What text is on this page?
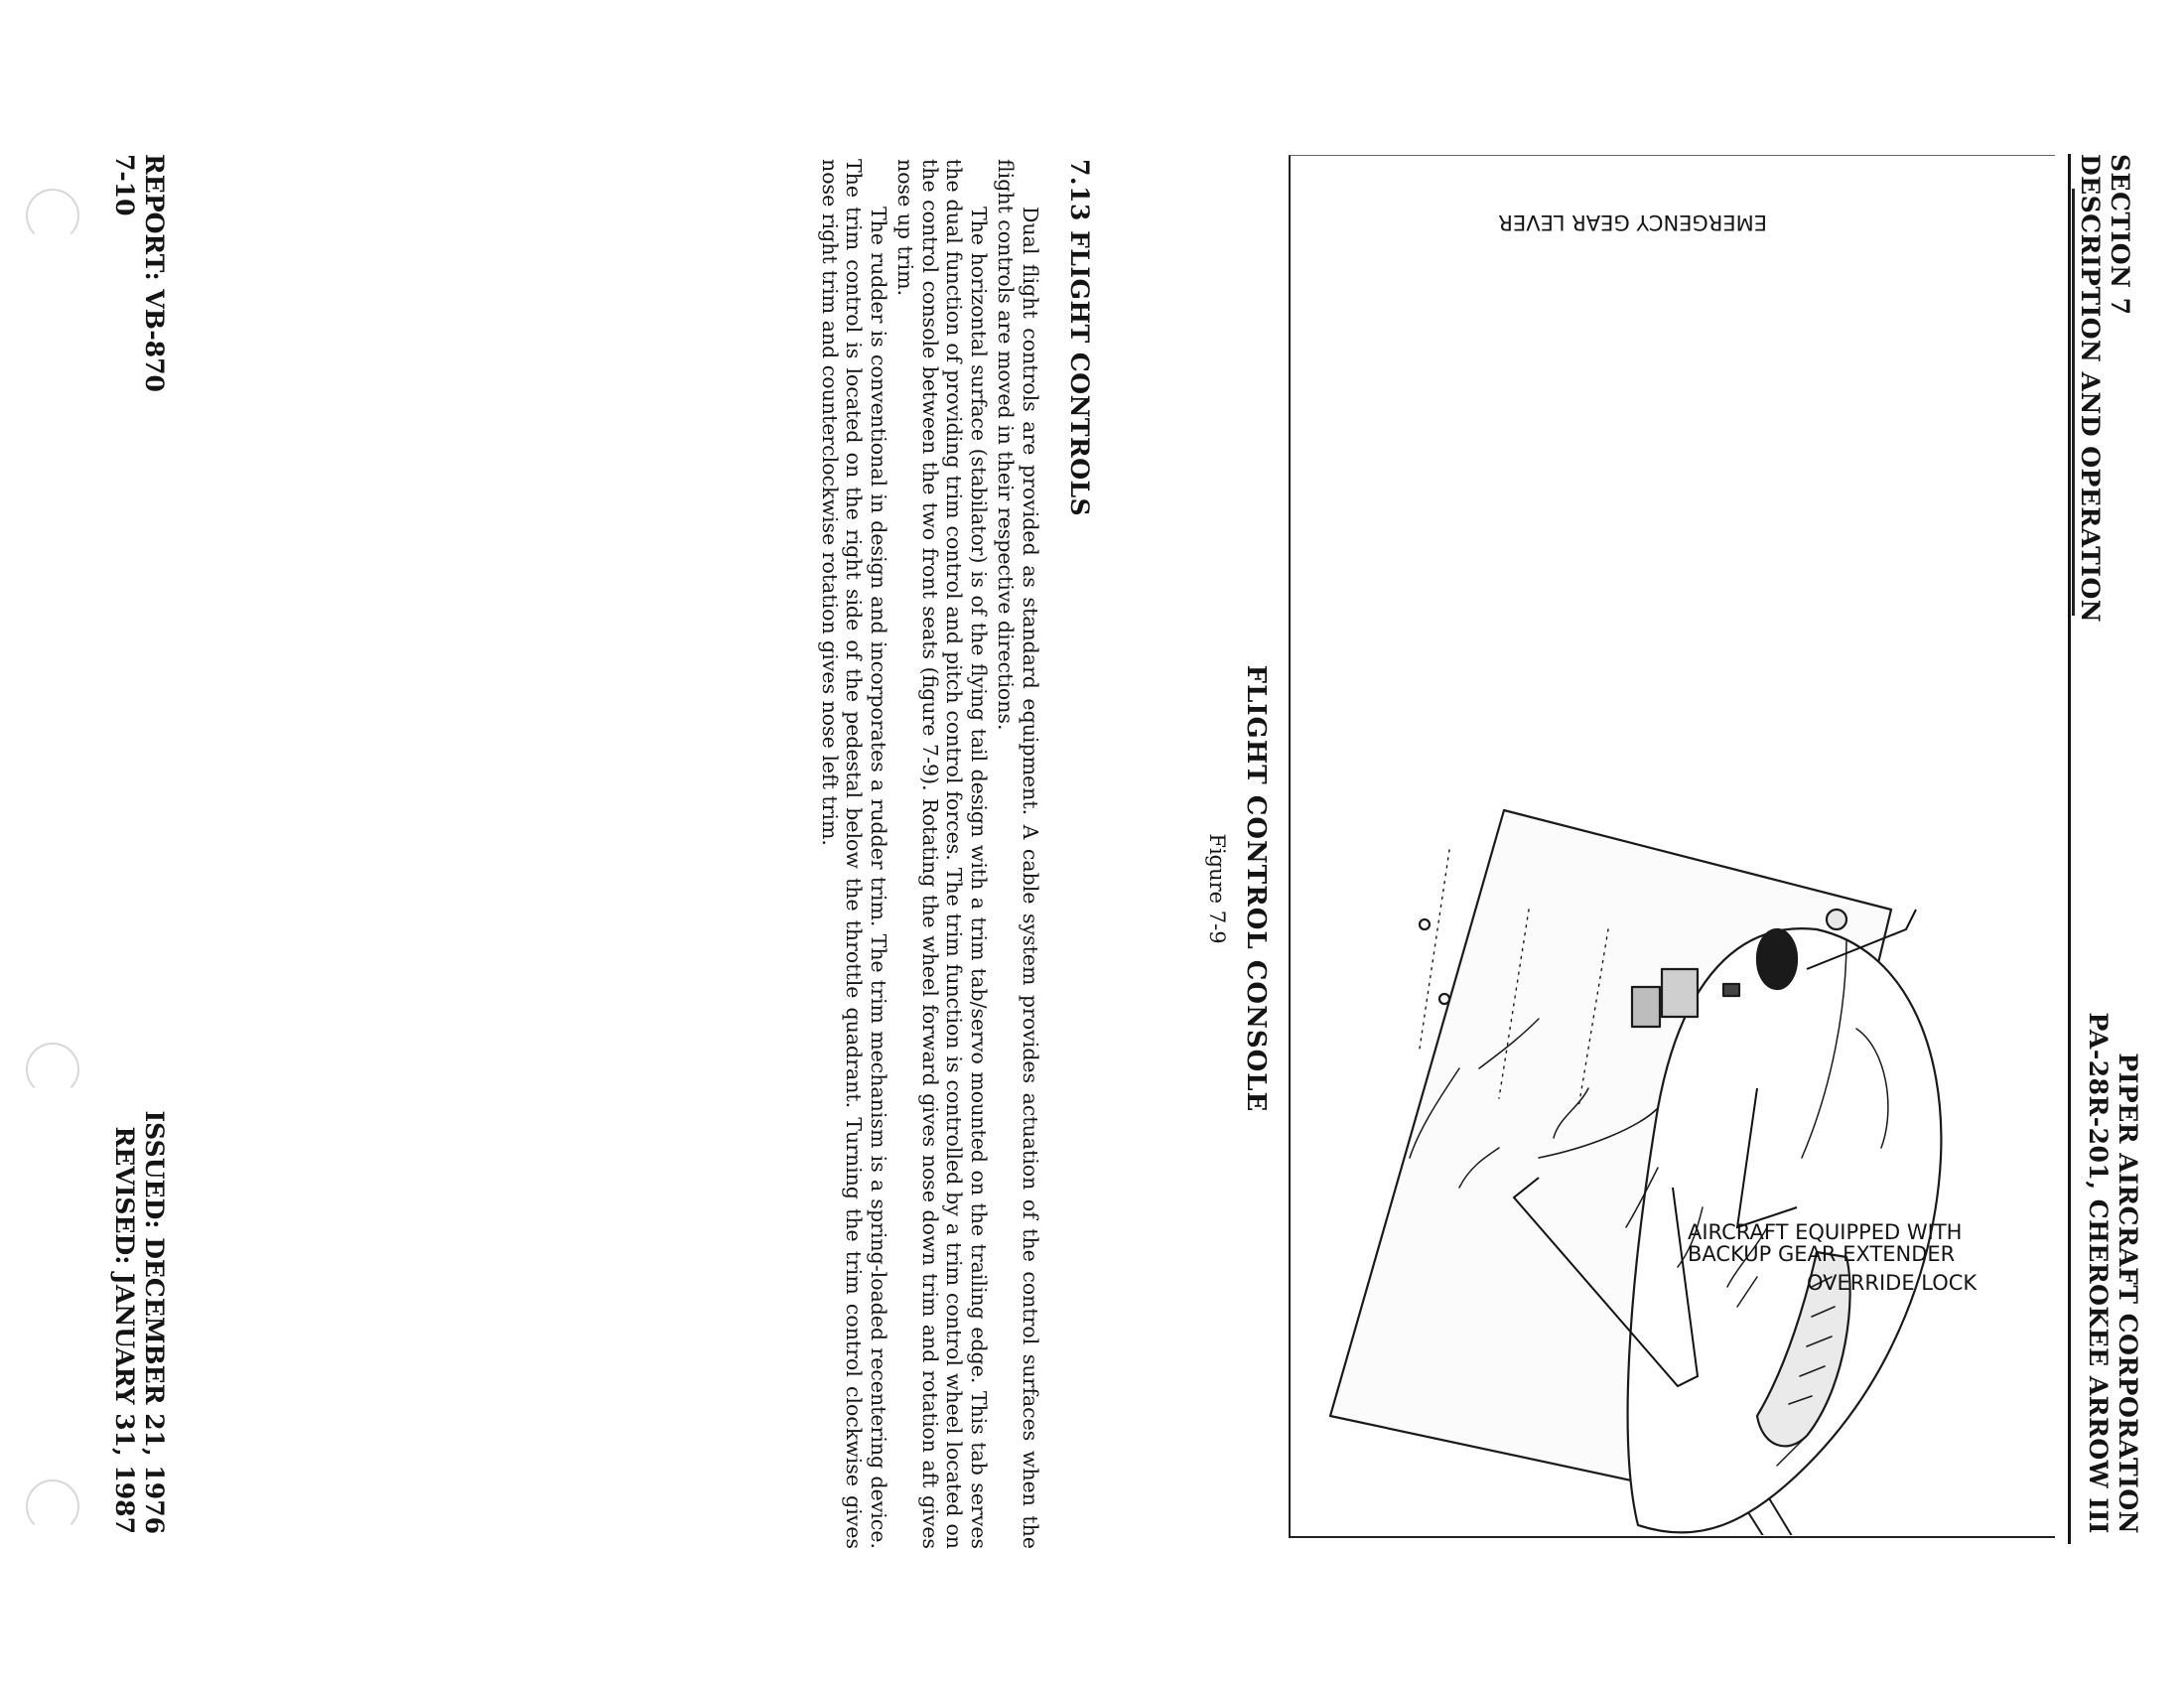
SECTION 7
DESCRIPTION AND OPERATION
PIPER AIRCRAFT CORPORATION
PA-28R-201, CHEROKEE ARROW III
OVERRIDE LOCK
AIRCRAFT EQUIPPED WITH
BACKUP GEAR EXTENDER
EMERGENCY GEAR LEVER
FLIGHT CONTROL CONSOLE
Figure 7-9
7.13 FLIGHT CONTROLS

Dual flight controls are provided as standard equipment. A cable system provides actuation of the control surfaces when the flight controls are moved in their respective directions.

The horizontal surface (stabilator) is of the flying tail design with a trim tab/servo mounted on the trailing edge. This tab serves the dual function of providing trim control and pitch control forces. The trim function is controlled by a trim control wheel located on the control console between the two front seats (figure 7-9). Rotating the wheel forward gives nose down trim and rotation aft gives nose up trim.

The rudder is conventional in design and incorporates a rudder trim. The trim mechanism is a spring-loaded recentering device. The trim control is located on the right side of the pedestal below the throttle quadrant. Turning the trim control clockwise gives nose right trim and counterclockwise rotation gives nose left trim.

REPORT: VB-870
7-10
ISSUED: DECEMBER 21, 1976
REVISED: JANUARY 31, 1987
